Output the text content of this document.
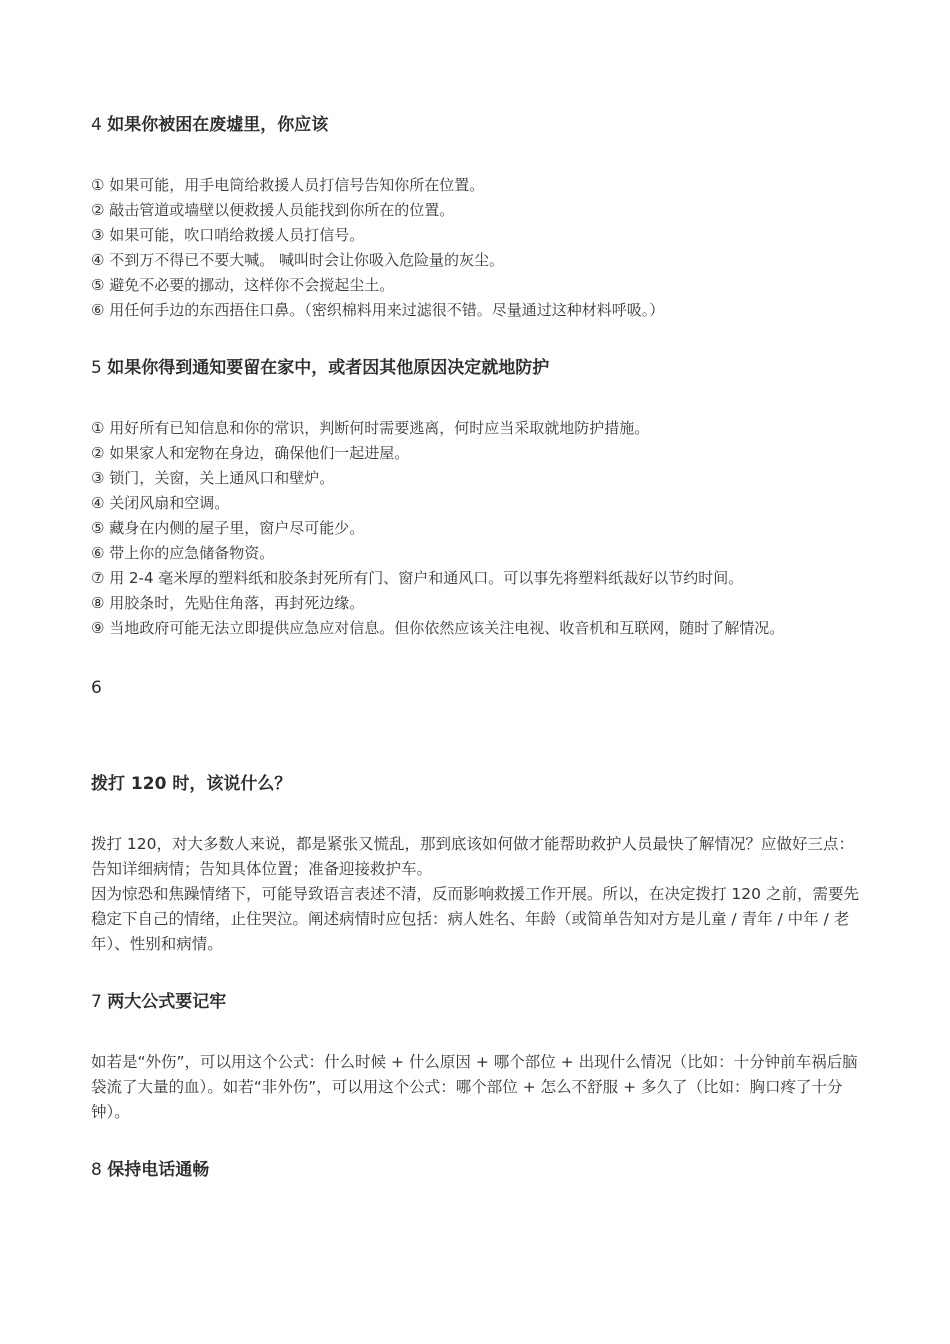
4 如果你被困在废墟里，你应该
① 如果可能，用手电筒给救援人员打信号告知你所在位置。
② 敲击管道或墙壁以便救援人员能找到你所在的位置。
③ 如果可能，吹口哨给救援人员打信号。
④ 不到万不得已不要大喊。 喊叫时会让你吸入危险量的灰尘。
⑤ 避免不必要的挪动，这样你不会搅起尘土。
⑥ 用任何手边的东西捂住口鼻。（密织棉料用来过滤很不错。尽量通过这种材料呼吸。）
5 如果你得到通知要留在家中，或者因其他原因决定就地防护
① 用好所有已知信息和你的常识，判断何时需要逃离，何时应当采取就地防护措施。
② 如果家人和宠物在身边，确保他们一起进屋。
③ 锁门，关窗，关上通风口和壁炉。
④ 关闭风扇和空调。
⑤ 藏身在内侧的屋子里，窗户尽可能少。
⑥ 带上你的应急储备物资。
⑦ 用 2-4 毫米厚的塑料纸和胶条封死所有门、窗户和通风口。可以事先将塑料纸裁好以节约时间。
⑧ 用胶条时，先贴住角落，再封死边缘。
⑨ 当地政府可能无法立即提供应急应对信息。但你依然应该关注电视、收音机和互联网，随时了解情况。
6
拨打 120 时，该说什么？

拨打 120，对大多数人来说，都是紧张又慌乱，那到底该如何做才能帮助救护人员最快了解情况？应做好三点：告知详细病情；告知具体位置；准备迎接救护车。

因为惊恐和焦躁情绪下，可能导致语言表述不清，反而影响救援工作开展。所以，在决定拨打 120 之前，需要先稳定下自己的情绪，止住哭泣。阐述病情时应包括：病人姓名、年龄（或简单告知对方是儿童 / 青年 / 中年 / 老年）、性别和病情。

7 两大公式要记牢

如若是“外伤”，可以用这个公式：什么时候 + 什么原因 + 哪个部位 + 出现什么情况（比如：十分钟前车祸后脑袋流了大量的血）。如若“非外伤”，可以用这个公式：哪个部位 + 怎么不舒服 + 多久了（比如：胸口疼了十分钟）。

8 保持电话通畅
